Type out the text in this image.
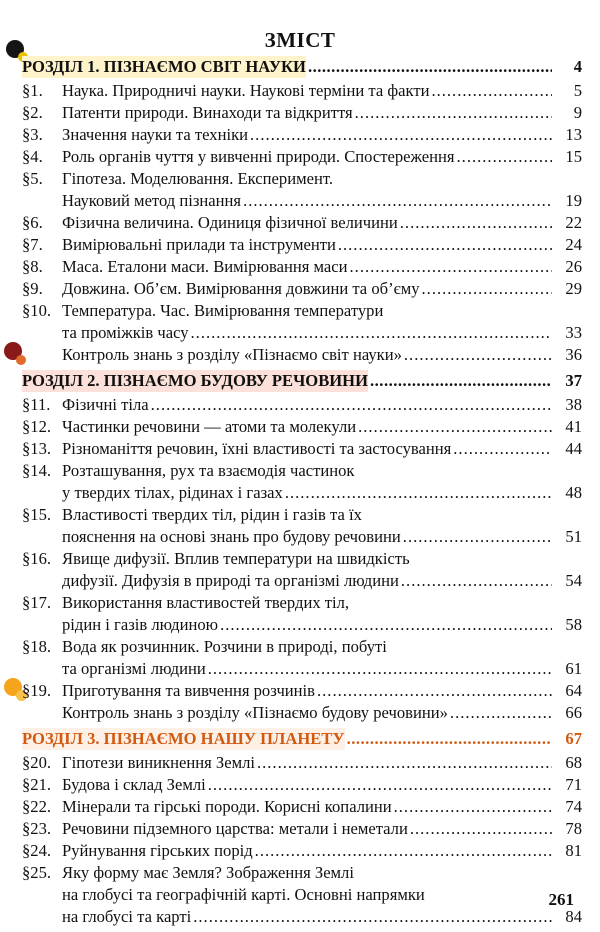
ЗМІСТ
РОЗДІЛ 1. ПІЗНАЄМО СВІТ НАУКИ .....	4
§1. Наука. Природничі науки. Наукові терміни та факти .....	5
§2. Патенти природи. Винаходи та відкриття .....	9
§3. Значення науки та техніки .....	13
§4. Роль органів чуття у вивченні природи. Спостереження .....	15
§5. Гіпотеза. Моделювання. Експеримент.
Науковий метод пізнання .....	19
§6. Фізична величина. Одиниця фізичної величини .....	22
§7. Вимірювальні прилади та інструменти .....	24
§8. Маса. Еталони маси. Вимірювання маси .....	26
§9. Довжина. Об’єм. Вимірювання довжини та об’єму .....	29
§10. Температура. Час. Вимірювання температури
та проміжків часу .....	33
Контроль знань з розділу «Пізнаємо світ науки» .....	36
РОЗДІЛ 2. ПІЗНАЄМО БУДОВУ РЕЧОВИНИ .....	37
§11. Фізичні тіла .....	38
§12. Частинки речовини — атоми та молекули .....	41
§13. Різноманіття речовин, їхні властивості та застосування .....	44
§14. Розташування, рух та взаємодія частинок
у твердих тілах, рідинах і газах .....	48
§15. Властивості твердих тіл, рідин і газів та їх
пояснення на основі знань про будову речовини .....	51
§16. Явище дифузії. Вплив температури на швидкість
дифузії. Дифузія в природі та організмі людини .....	54
§17. Використання властивостей твердих тіл,
рідин і газів людиною .....	58
§18. Вода як розчинник. Розчини в природі, побуті
та організмі людини .....	61
§19. Приготування та вивчення розчинів .....	64
Контроль знань з розділу «Пізнаємо будову речовини» .....	66
РОЗДІЛ 3. ПІЗНАЄМО НАШУ ПЛАНЕТУ .....	67
§20. Гіпотези виникнення Землі .....	68
§21. Будова і склад Землі .....	71
§22. Мінерали та гірські породи. Корисні копалини .....	74
§23. Речовини підземного царства: метали і неметали .....	78
§24. Руйнування гірських порід .....	81
§25. Яку форму має Земля? Зображення Землі
на глобусі та географічній карті. Основні напрямки
на глобусі та карті .....	84
261
